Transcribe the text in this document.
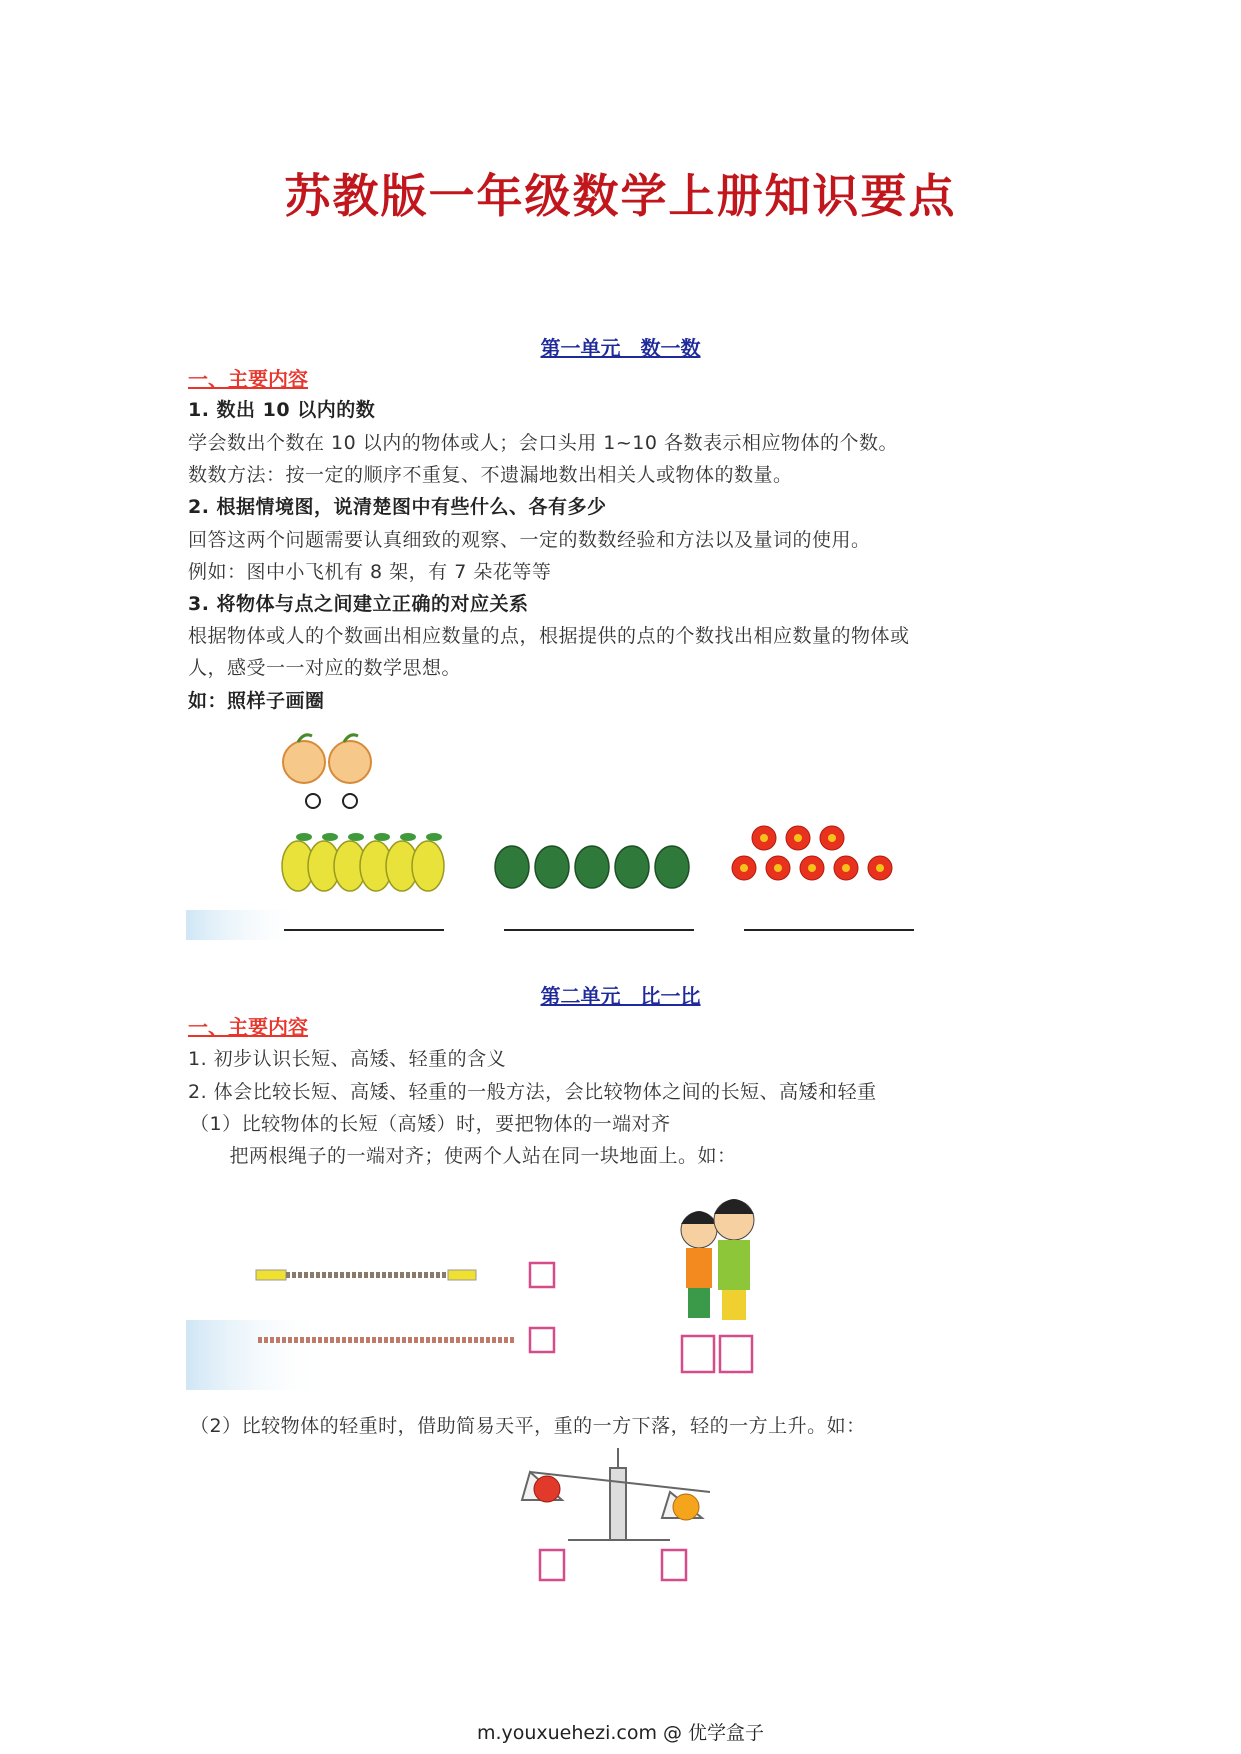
苏教版一年级数学上册知识要点
第一单元　数一数
一、主要内容
1. 数出 10 以内的数
学会数出个数在 10 以内的物体或人；会口头用 1~10 各数表示相应物体的个数。
数数方法：按一定的顺序不重复、不遗漏地数出相关人或物体的数量。
2. 根据情境图，说清楚图中有些什么、各有多少
回答这两个问题需要认真细致的观察、一定的数数经验和方法以及量词的使用。
例如：图中小飞机有 8 架，有 7 朵花等等
3. 将物体与点之间建立正确的对应关系
根据物体或人的个数画出相应数量的点，根据提供的点的个数找出相应数量的物体或
人，感受一一对应的数学思想。
如：照样子画圈
第二单元　比一比
一、主要内容
1. 初步认识长短、高矮、轻重的含义
2. 体会比较长短、高矮、轻重的一般方法，会比较物体之间的长短、高矮和轻重
（1）比较物体的长短（高矮）时，要把物体的一端对齐
　把两根绳子的一端对齐；使两个人站在同一块地面上。如：
（2）比较物体的轻重时，借助简易天平，重的一方下落，轻的一方上升。如：
m.youxuehezi.com @ 优学盒子
